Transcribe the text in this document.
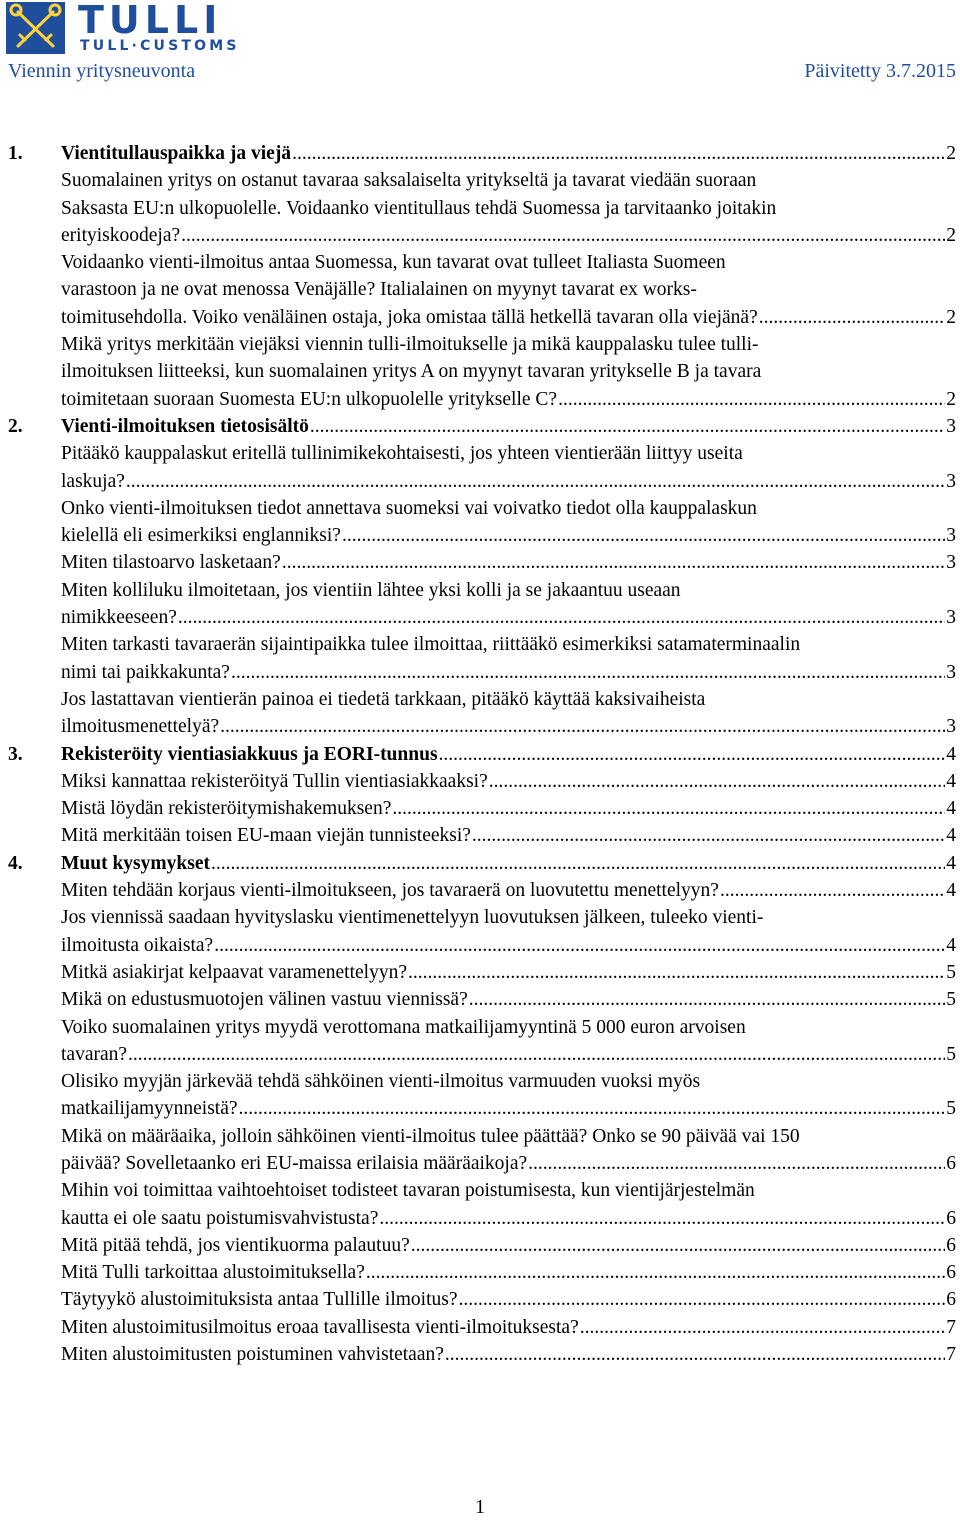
TULLI
TULL·CUSTOMS
Viennin yritysneuvonta	Päivitetty 3.7.2015
1. Vientitullauspaikka ja viejä .....	2
Suomalainen yritys on ostanut tavaraa saksalaiselta yritykseltä ja tavarat viedään suoraan
Saksasta EU:n ulkopuolelle. Voidaanko vientitullaus tehdä Suomessa ja tarvitaanko joitakin
erityiskoodeja? .....	2
Voidaanko vienti-ilmoitus antaa Suomessa, kun tavarat ovat tulleet Italiasta Suomeen
varastoon ja ne ovat menossa Venäjälle? Italialainen on myynyt tavarat ex works-
toimitusehdolla. Voiko venäläinen ostaja, joka omistaa tällä hetkellä tavaran olla viejänä? .....	2
Mikä yritys merkitään viejäksi viennin tulli-ilmoitukselle ja mikä kauppalasku tulee tulli-
ilmoituksen liitteeksi, kun suomalainen yritys A on myynyt tavaran yritykselle B ja tavara
toimitetaan suoraan Suomesta EU:n ulkopuolelle yritykselle C? .....	2
2. Vienti-ilmoituksen tietosisältö .....	3
Pitääkö kauppalaskut eritellä tullinimikekohtaisesti, jos yhteen vientierään liittyy useita
laskuja? .....	3
Onko vienti-ilmoituksen tiedot annettava suomeksi vai voivatko tiedot olla kauppalaskun
kielellä eli esimerkiksi englanniksi? .....	3
Miten tilastoarvo lasketaan? .....	3
Miten kolliluku ilmoitetaan, jos vientiin lähtee yksi kolli ja se jakaantuu useaan
nimikkeeseen? .....	3
Miten tarkasti tavaraerän sijaintipaikka tulee ilmoittaa, riittääkö esimerkiksi satamaterminaalin
nimi tai paikkakunta? .....	3
Jos lastattavan vientierän painoa ei tiedetä tarkkaan, pitääkö käyttää kaksivaiheista
ilmoitusmenettelyä? .....	3
3. Rekisteröity vientiasiakkuus ja EORI-tunnus .....	4
Miksi kannattaa rekisteröityä Tullin vientiasiakkaaksi? .....	4
Mistä löydän rekisteröitymishakemuksen? .....	4
Mitä merkitään toisen EU-maan viejän tunnisteeksi? .....	4
4. Muut kysymykset .....	4
Miten tehdään korjaus vienti-ilmoitukseen, jos tavaraerä on luovutettu menettelyyn? .....	4
Jos viennissä saadaan hyvityslasku vientimenettelyyn luovutuksen jälkeen, tuleeko vienti-
ilmoitusta oikaista? .....	4
Mitkä asiakirjat kelpaavat varamenettelyyn? .....	5
Mikä on edustusmuotojen välinen vastuu viennissä? .....	5
Voiko suomalainen yritys myydä verottomana matkailijamyyntinä 5 000 euron arvoisen
tavaran? .....	5
Olisiko myyjän järkevää tehdä sähköinen vienti-ilmoitus varmuuden vuoksi myös
matkailijamyynneistä? .....	5
Mikä on määräaika, jolloin sähköinen vienti-ilmoitus tulee päättää? Onko se 90 päivää vai 150
päivää? Sovelletaanko eri EU-maissa erilaisia määräaikoja? .....	6
Mihin voi toimittaa vaihtoehtoiset todisteet tavaran poistumisesta, kun vientijärjestelmän
kautta ei ole saatu poistumisvahvistusta? .....	6
Mitä pitää tehdä, jos vientikuorma palautuu? .....	6
Mitä Tulli tarkoittaa alustoimituksella? .....	6
Täytyykö alustoimituksista antaa Tullille ilmoitus? .....	6
Miten alustoimitusilmoitus eroaa tavallisesta vienti-ilmoituksesta? .....	7
Miten alustoimitusten poistuminen vahvistetaan? .....	7
1
